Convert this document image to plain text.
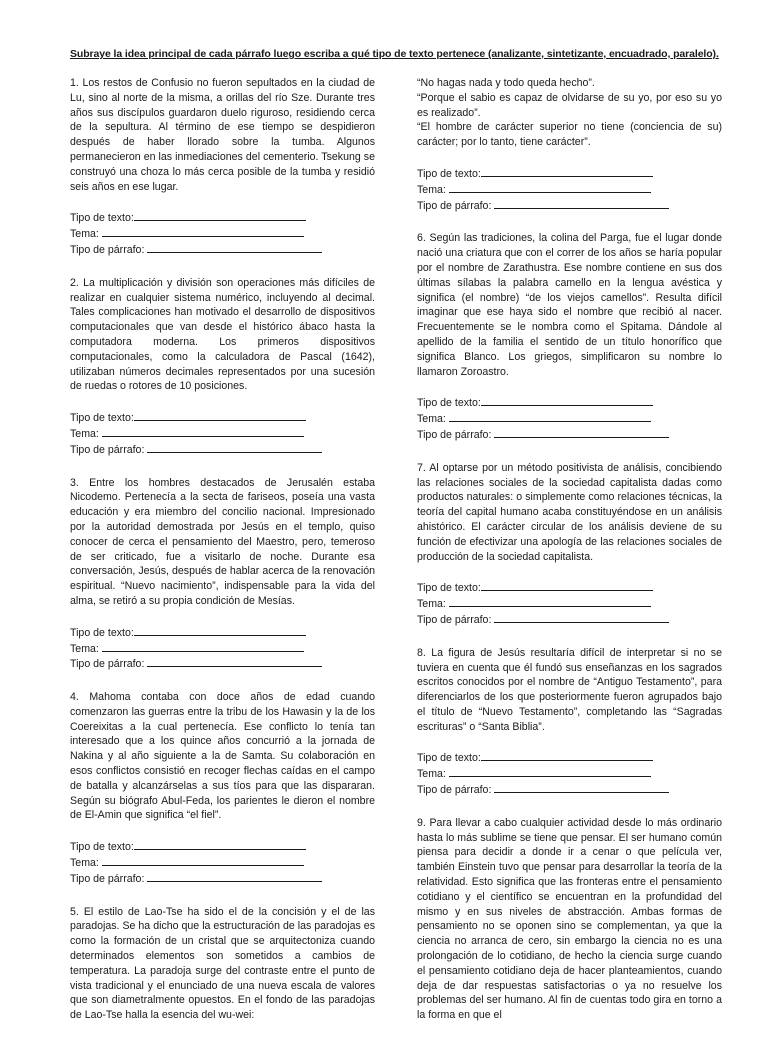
Subraye la idea principal de cada párrafo luego escriba a qué tipo de texto pertenece (analizante, sintetizante, encuadrado, paralelo).

1. Los restos de Confusio no fueron sepultados en la ciudad de Lu, sino al norte de la misma, a orillas del río Sze. Durante tres años sus discípulos guardaron duelo riguroso, residiendo cerca de la sepultura. Al término de ese tiempo se despidieron después de haber llorado sobre la tumba. Algunos permanecieron en las inmediaciones del cementerio. Tsekung se construyó una choza lo más cerca posible de la tumba y residió seis años en ese lugar.

Tipo de texto:
Tema:
Tipo de párrafo:

2. La multiplicación y división son operaciones más difíciles de realizar en cualquier sistema numérico, incluyendo al decimal. Tales complicaciones han motivado el desarrollo de dispositivos computacionales que van desde el histórico ábaco hasta la computadora moderna. Los primeros dispositivos computacionales, como la calculadora de Pascal (1642), utilizaban números decimales representados por una sucesión de ruedas o rotores de 10 posiciones.

Tipo de texto:
Tema:
Tipo de párrafo:

3. Entre los hombres destacados de Jerusalén estaba Nicodemo. Pertenecía a la secta de fariseos, poseía una vasta educación y era miembro del concilio nacional. Impresionado por la autoridad demostrada por Jesús en el templo, quiso conocer de cerca el pensamiento del Maestro, pero, temeroso de ser criticado, fue a visitarlo de noche. Durante esa conversación, Jesús, después de hablar acerca de la renovación espiritual. “Nuevo nacimiento”, indispensable para la vida del alma, se retiró a su propia condición de Mesías.

Tipo de texto:
Tema:
Tipo de párrafo:

4. Mahoma contaba con doce años de edad cuando comenzaron las guerras entre la tribu de los Hawasin y la de los Coereixitas a la cual pertenecía. Ese conflicto lo tenía tan interesado que a los quince años concurrió a la jornada de Nakina y al año siguiente a la de Samta. Su colaboración en esos conflictos consistió en recoger flechas caídas en el campo de batalla y alcanzárselas a sus tíos para que las dispararan. Según su biógrafo Abul-Feda, los parientes le dieron el nombre de El-Amin que significa “el fiel”.

Tipo de texto:
Tema:
Tipo de párrafo:

5. El estilo de Lao-Tse ha sido el de la concisión y el de las paradojas. Se ha dicho que la estructuración de las paradojas es como la formación de un cristal que se arquitectoniza cuando determinados elementos son sometidos a cambios de temperatura. La paradoja surge del contraste entre el punto de vista tradicional y el enunciado de una nueva escala de valores que son diametralmente opuestos. En el fondo de las paradojas de Lao-Tse halla la esencia del wu-wei:

“No hagas nada y todo queda hecho”.

“Porque el sabio es capaz de olvidarse de su yo, por eso su yo es realizado”.

“El hombre de carácter superior no tiene (conciencia de su) carácter; por lo tanto, tiene carácter”.

Tipo de texto:
Tema:
Tipo de párrafo:

6. Según las tradiciones, la colina del Parga, fue el lugar donde nació una criatura que con el correr de los años se haría popular por el nombre de Zarathustra. Ese nombre contiene en sus dos últimas sílabas la palabra camello en la lengua avéstica y significa (el nombre) “de los viejos camellos”. Resulta difícil imaginar que ese haya sido el nombre que recibió al nacer. Frecuentemente se le nombra como el Spitama. Dándole al apellido de la familia el sentido de un título honorífico que significa Blanco. Los griegos, simplificaron su nombre lo llamaron Zoroastro.

Tipo de texto:
Tema:
Tipo de párrafo:

7. Al optarse por un método positivista de análisis, concibiendo las relaciones sociales de la sociedad capitalista dadas como productos naturales: o simplemente como relaciones técnicas, la teoría del capital humano acaba constituyéndose en un análisis ahistórico. El carácter circular de los análisis deviene de su función de efectivizar una apología de las relaciones sociales de producción de la sociedad capitalista.

Tipo de texto:
Tema:
Tipo de párrafo:

8. La figura de Jesús resultaría difícil de interpretar si no se tuviera en cuenta que él fundó sus enseñanzas en los sagrados escritos conocidos por el nombre de “Antiguo Testamento”, para diferenciarlos de los que posteriormente fueron agrupados bajo el título de “Nuevo Testamento”, completando las “Sagradas escrituras” o “Santa Biblia”.

Tipo de texto:
Tema:
Tipo de párrafo:

9. Para llevar a cabo cualquier actividad desde lo más ordinario hasta lo más sublime se tiene que pensar. El ser humano común piensa para decidir a donde ir a cenar o que película ver, también Einstein tuvo que pensar para desarrollar la teoría de la relatividad. Esto significa que las fronteras entre el pensamiento cotidiano y el científico se encuentran en la profundidad del mismo y en sus niveles de abstracción. Ambas formas de pensamiento no se oponen sino se complementan, ya que la ciencia no arranca de cero, sin embargo la ciencia no es una prolongación de lo cotidiano, de hecho la ciencia surge cuando el pensamiento cotidiano deja de hacer planteamientos, cuando deja de dar respuestas satisfactorias o ya no resuelve los problemas del ser humano. Al fin de cuentas todo gira en torno a la forma en que el
